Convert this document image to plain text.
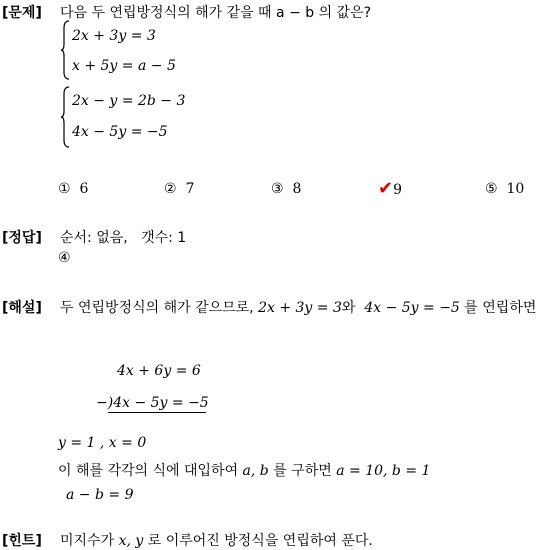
[문제] 다음 두 연립방정식의 해가 같을 때 a − b 의 값은?
2x + 3y = 3
x + 5y = a − 5
2x − y = 2b − 3
4x − 5y = −5
① 6	② 7	③ 8	✔9	⑤ 10
[정답] 순서: 없음,   갯수: 1
④
[해설] 두 연립방정식의 해가 같으므로, 2x + 3y = 3와 4x − 5y = −5 를 연립하면
4x + 6y = 6
−)4x − 5y = −5
y = 1 , x = 0
이 해를 각각의 식에 대입하여 a, b 를 구하면 a = 10, b = 1
a − b = 9
[힌트] 미지수가 x, y 로 이루어진 방정식을 연립하여 푼다.
